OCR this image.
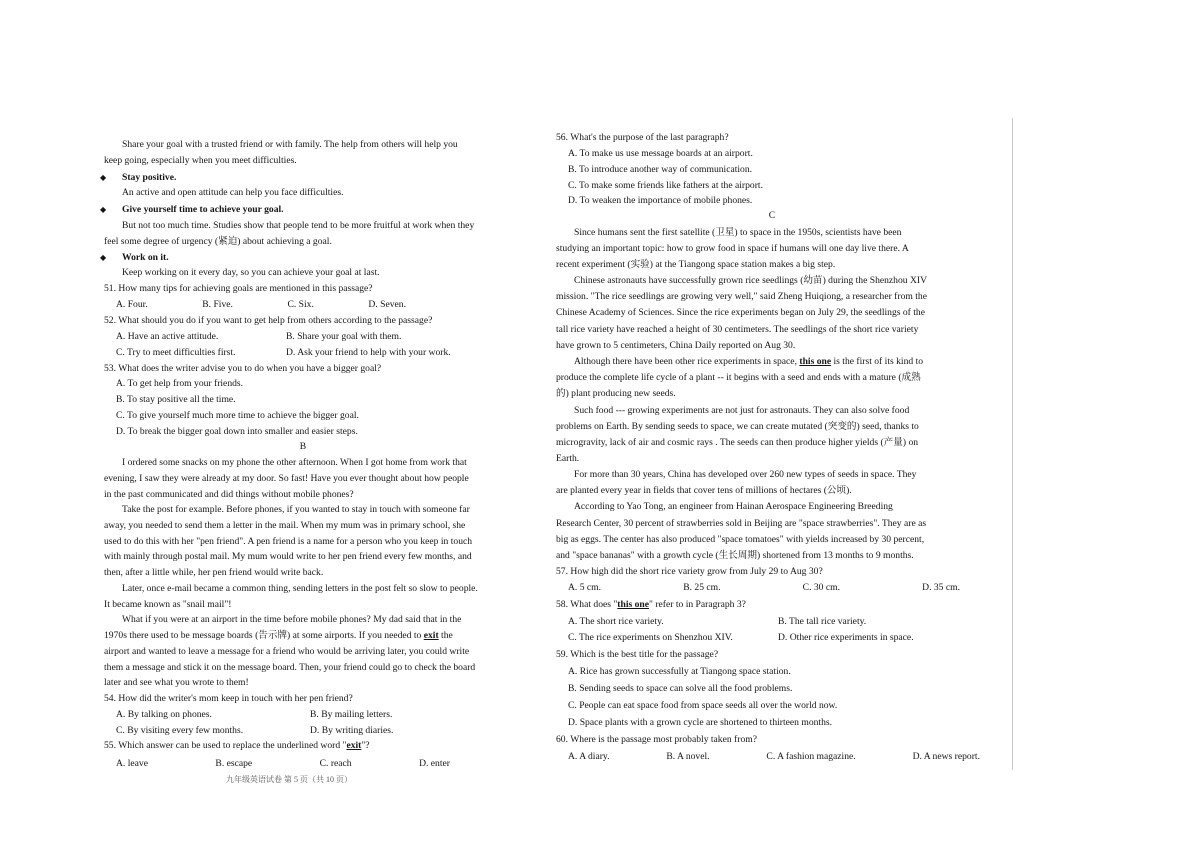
Share your goal with a trusted friend or with family. The help from others will help you
keep going, especially when you meet difficulties.
◆ Stay positive.
An active and open attitude can help you face difficulties.
◆ Give yourself time to achieve your goal.
But not too much time. Studies show that people tend to be more fruitful at work when they
feel some degree of urgency (紧迫) about achieving a goal.
◆ Work on it.
Keep working on it every day, so you can achieve your goal at last.
51. How many tips for achieving goals are mentioned in this passage?
A. Four.	B. Five.	C. Six.	D. Seven.
52. What should you do if you want to get help from others according to the passage?
A. Have an active attitude.	B. Share your goal with them.
C. Try to meet difficulties first.	D. Ask your friend to help with your work.
53. What does the writer advise you to do when you have a bigger goal?
A. To get help from your friends.
B. To stay positive all the time.
C. To give yourself much more time to achieve the bigger goal.
D. To break the bigger goal down into smaller and easier steps.
B
I ordered some snacks on my phone the other afternoon. When I got home from work that
evening, I saw they were already at my door. So fast! Have you ever thought about how people
in the past communicated and did things without mobile phones?
Take the post for example. Before phones, if you wanted to stay in touch with someone far
away, you needed to send them a letter in the mail. When my mum was in primary school, she
used to do this with her "pen friend". A pen friend is a name for a person who you keep in touch
with mainly through postal mail. My mum would write to her pen friend every few months, and
then, after a little while, her pen friend would write back.
Later, once e-mail became a common thing, sending letters in the post felt so slow to people.
It became known as "snail mail"!
What if you were at an airport in the time before mobile phones? My dad said that in the
1970s there used to be message boards (告示牌) at some airports. If you needed to exit the
airport and wanted to leave a message for a friend who would be arriving later, you could write
them a message and stick it on the message board. Then, your friend could go to check the board
later and see what you wrote to them!
54. How did the writer's mom keep in touch with her pen friend?
A. By talking on phones.	B. By mailing letters.
C. By visiting every few months.	D. By writing diaries.
55. Which answer can be used to replace the underlined word "exit"?
A. leave	B. escape	C. reach	D. enter
九年级英语试卷 第 5 页（共 10 页）
56. What's the purpose of the last paragraph?
A. To make us use message boards at an airport.
B. To introduce another way of communication.
C. To make some friends like fathers at the airport.
D. To weaken the importance of mobile phones.
C
Since humans sent the first satellite (卫星) to space in the 1950s, scientists have been
studying an important topic: how to grow food in space if humans will one day live there. A
recent experiment (实验) at the Tiangong space station makes a big step.
Chinese astronauts have successfully grown rice seedlings (幼苗) during the Shenzhou XIV
mission. "The rice seedlings are growing very well," said Zheng Huiqiong, a researcher from the
Chinese Academy of Sciences. Since the rice experiments began on July 29, the seedlings of the
tall rice variety have reached a height of 30 centimeters. The seedlings of the short rice variety
have grown to 5 centimeters, China Daily reported on Aug 30.
Although there have been other rice experiments in space, this one is the first of its kind to
produce the complete life cycle of a plant -- it begins with a seed and ends with a mature (成熟
的) plant producing new seeds.
Such food --- growing experiments are not just for astronauts. They can also solve food
problems on Earth. By sending seeds to space, we can create mutated (突变的) seed, thanks to
microgravity, lack of air and cosmic rays . The seeds can then produce higher yields (产量) on
Earth.
For more than 30 years, China has developed over 260 new types of seeds in space. They
are planted every year in fields that cover tens of millions of hectares (公顷).
According to Yao Tong, an engineer from Hainan Aerospace Engineering Breeding
Research Center, 30 percent of strawberries sold in Beijing are "space strawberries". They are as
big as eggs. The center has also produced "space tomatoes" with yields increased by 30 percent,
and "space bananas" with a growth cycle (生长周期) shortened from 13 months to 9 months.
57. How high did the short rice variety grow from July 29 to Aug 30?
A. 5 cm.	B. 25 cm.	C. 30 cm.	D. 35 cm.
58. What does "this one" refer to in Paragraph 3?
A. The short rice variety.	B. The tall rice variety.
C. The rice experiments on Shenzhou XIV.	D. Other rice experiments in space.
59. Which is the best title for the passage?
A. Rice has grown successfully at Tiangong space station.
B. Sending seeds to space can solve all the food problems.
C. People can eat space food from space seeds all over the world now.
D. Space plants with a grown cycle are shortened to thirteen months.
60. Where is the passage most probably taken from?
A. A diary.	B. A novel.	C. A fashion magazine.	D. A news report.
